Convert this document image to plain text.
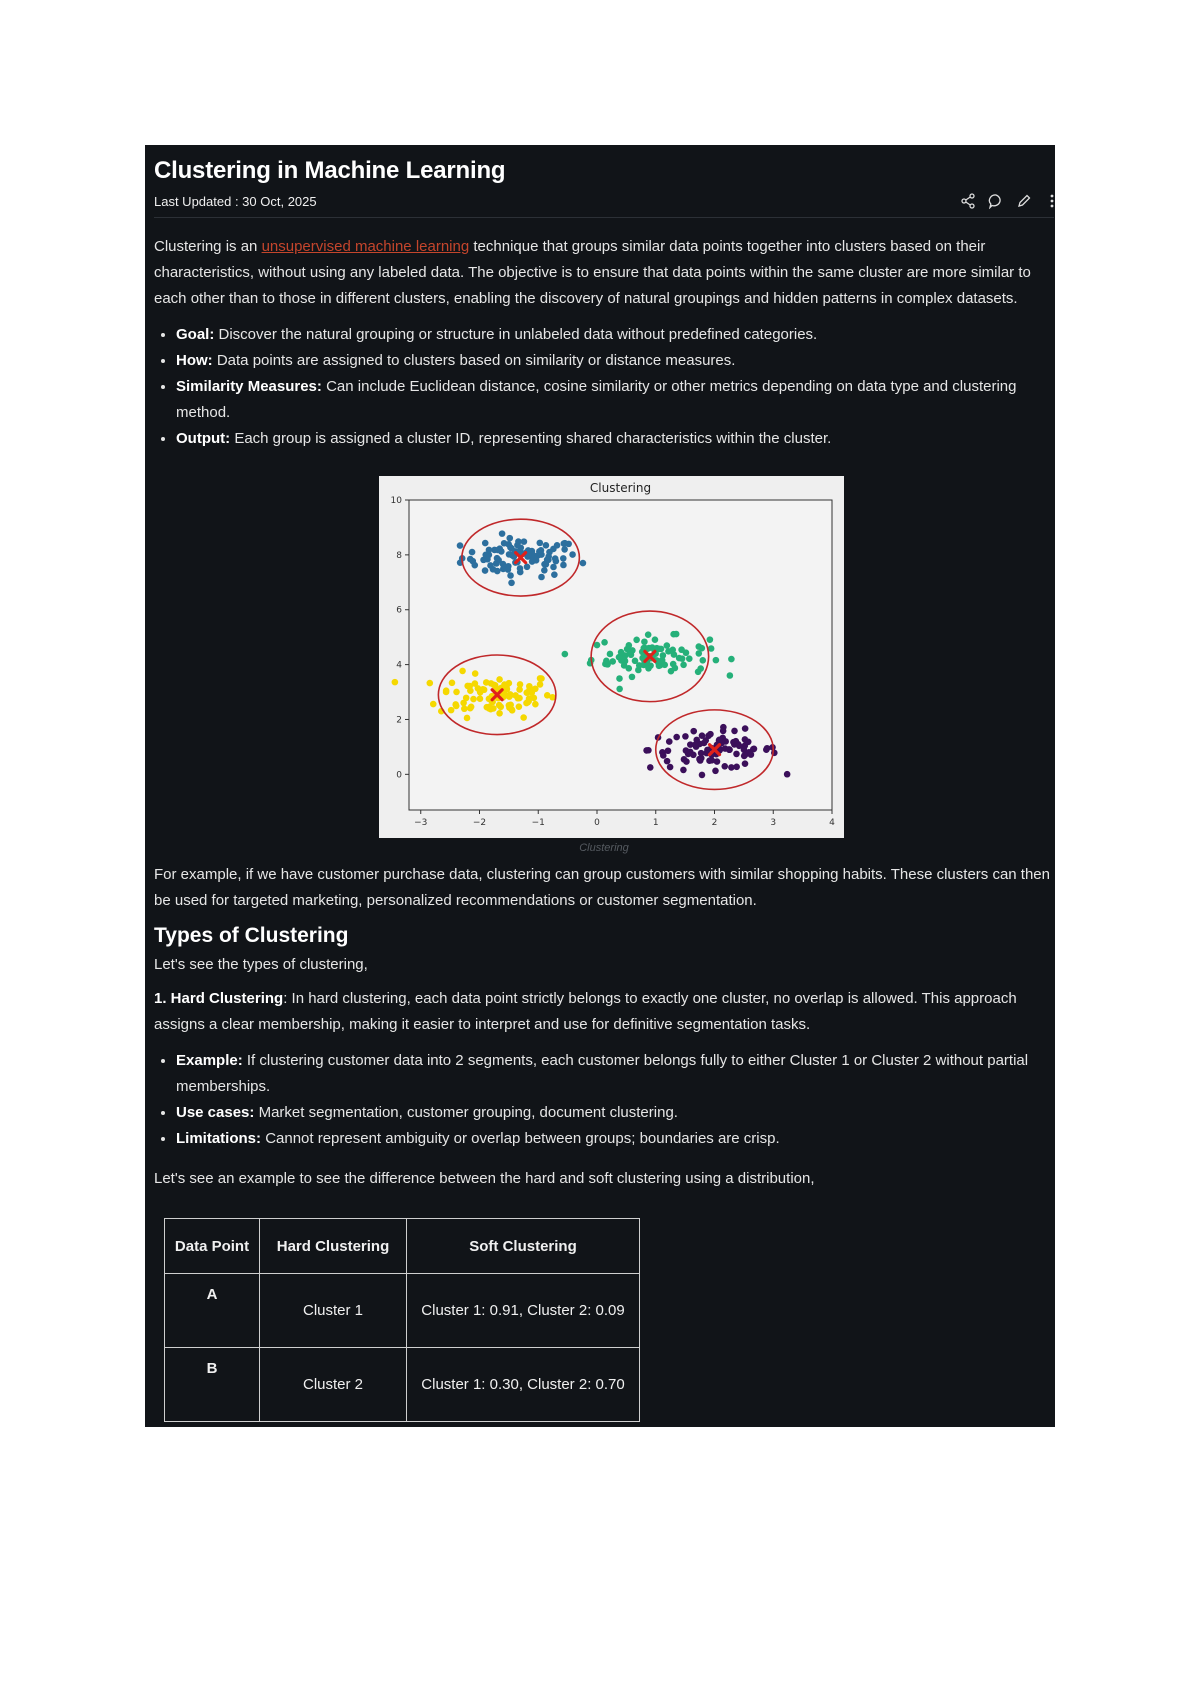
Clustering in Machine Learning
Last Updated : 30 Oct, 2025

Clustering is an unsupervised machine learning technique that groups similar data points together into clusters based on their characteristics, without using any labeled data. The objective is to ensure that data points within the same cluster are more similar to each other than to those in different clusters, enabling the discovery of natural groupings and hidden patterns in complex datasets.

• Goal: Discover the natural grouping or structure in unlabeled data without predefined categories.
• How: Data points are assigned to clusters based on similarity or distance measures.
• Similarity Measures: Can include Euclidean distance, cosine similarity or other metrics depending on data type and clustering method.
• Output: Each group is assigned a cluster ID, representing shared characteristics within the cluster.
Clustering
−3	−2	−1	0	1	2	3	4
0
2
4
6
8
10
Clustering

For example, if we have customer purchase data, clustering can group customers with similar shopping habits. These clusters can then be used for targeted marketing, personalized recommendations or customer segmentation.

Types of Clustering

Let's see the types of clustering,

1. Hard Clustering: In hard clustering, each data point strictly belongs to exactly one cluster, no overlap is allowed. This approach assigns a clear membership, making it easier to interpret and use for definitive segmentation tasks.

• Example: If clustering customer data into 2 segments, each customer belongs fully to either Cluster 1 or Cluster 2 without partial memberships.
• Use cases: Market segmentation, customer grouping, document clustering.
• Limitations: Cannot represent ambiguity or overlap between groups; boundaries are crisp.

Let's see an example to see the difference between the hard and soft clustering using a distribution,

Data Point	Hard Clustering	Soft Clustering
A	Cluster 1	Cluster 1: 0.91, Cluster 2: 0.09
B	Cluster 2	Cluster 1: 0.30, Cluster 2: 0.70
